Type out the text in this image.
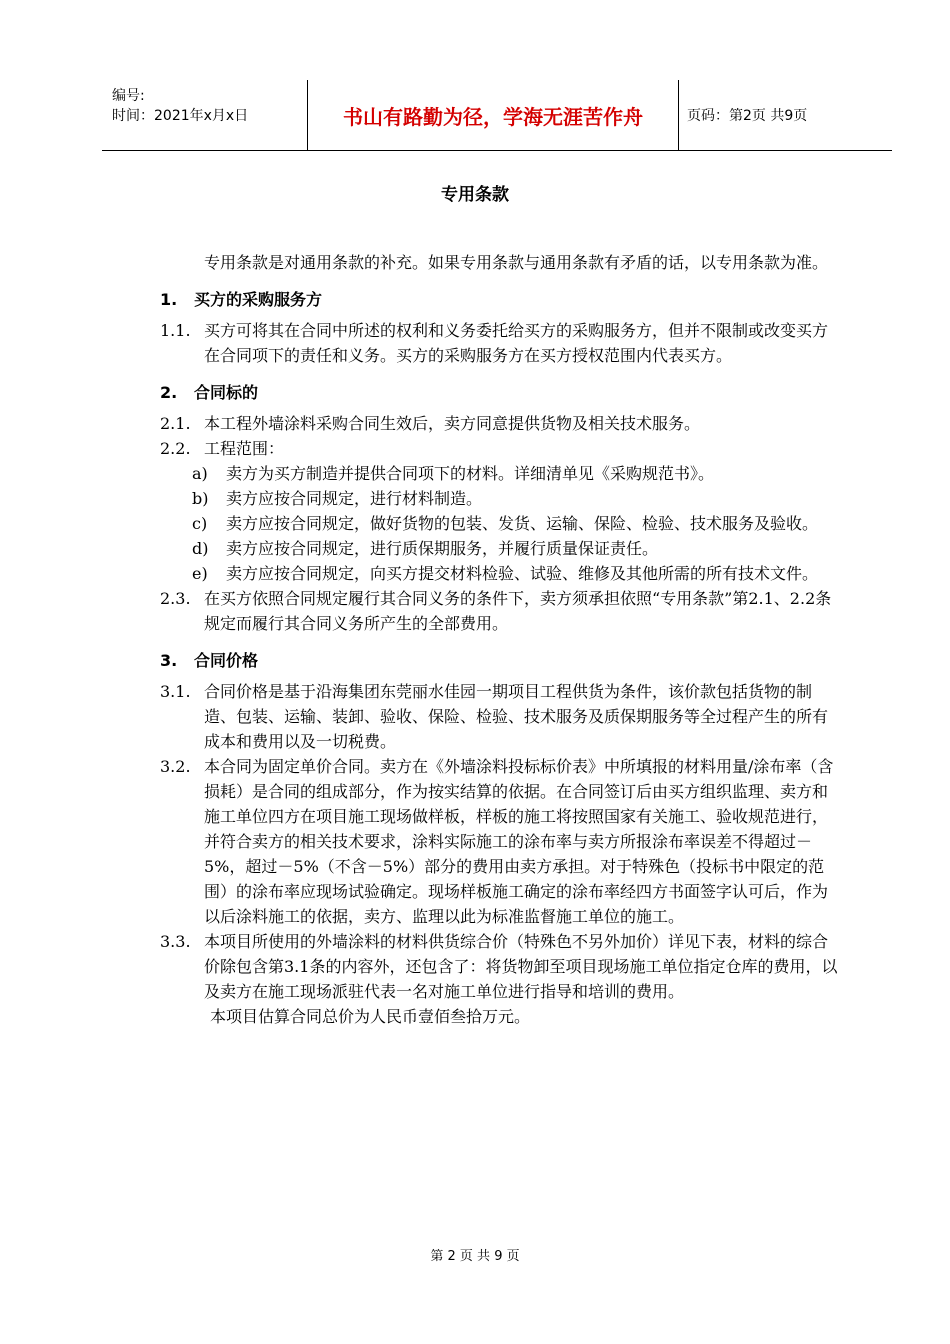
编号:
时间：2021年x月x日	书山有路勤为径，学海无涯苦作舟	页码：第2页 共9页
专用条款

专用条款是对通用条款的补充。如果专用条款与通用条款有矛盾的话，以专用条款为准。

1.	买方的采购服务方
1.1. 买方可将其在合同中所述的权利和义务委托给买方的采购服务方，但并不限制或改变买方在合同项下的责任和义务。买方的采购服务方在买方授权范围内代表买方。
2.	合同标的
2.1. 本工程外墙涂料采购合同生效后，卖方同意提供货物及相关技术服务。
2.2. 工程范围：
a)	卖方为买方制造并提供合同项下的材料。详细清单见《采购规范书》。
b)	卖方应按合同规定，进行材料制造。
c)	卖方应按合同规定，做好货物的包装、发货、运输、保险、检验、技术服务及验收。
d)	卖方应按合同规定，进行质保期服务，并履行质量保证责任。
e)	卖方应按合同规定，向买方提交材料检验、试验、维修及其他所需的所有技术文件。
2.3. 在买方依照合同规定履行其合同义务的条件下，卖方须承担依照“专用条款”第2.1、2.2条规定而履行其合同义务所产生的全部费用。
3.	合同价格
3.1. 合同价格是基于沿海集团东莞丽水佳园一期项目工程供货为条件，该价款包括货物的制造、包装、运输、装卸、验收、保险、检验、技术服务及质保期服务等全过程产生的所有成本和费用以及一切税费。
3.2. 本合同为固定单价合同。卖方在《外墙涂料投标标价表》中所填报的材料用量/涂布率（含损耗）是合同的组成部分，作为按实结算的依据。在合同签订后由买方组织监理、卖方和施工单位四方在项目施工现场做样板，样板的施工将按照国家有关施工、验收规范进行，并符合卖方的相关技术要求，涂料实际施工的涂布率与卖方所报涂布率误差不得超过－5%，超过－5%（不含－5%）部分的费用由卖方承担。对于特殊色（投标书中限定的范围）的涂布率应现场试验确定。现场样板施工确定的涂布率经四方书面签字认可后，作为以后涂料施工的依据，卖方、监理以此为标准监督施工单位的施工。
3.3. 本项目所使用的外墙涂料的材料供货综合价（特殊色不另外加价）详见下表，材料的综合价除包含第3.1条的内容外，还包含了：将货物卸至项目现场施工单位指定仓库的费用，以及卖方在施工现场派驻代表一名对施工单位进行指导和培训的费用。

本项目估算合同总价为人民币壹佰叁拾万元。

第 2 页 共 9 页
